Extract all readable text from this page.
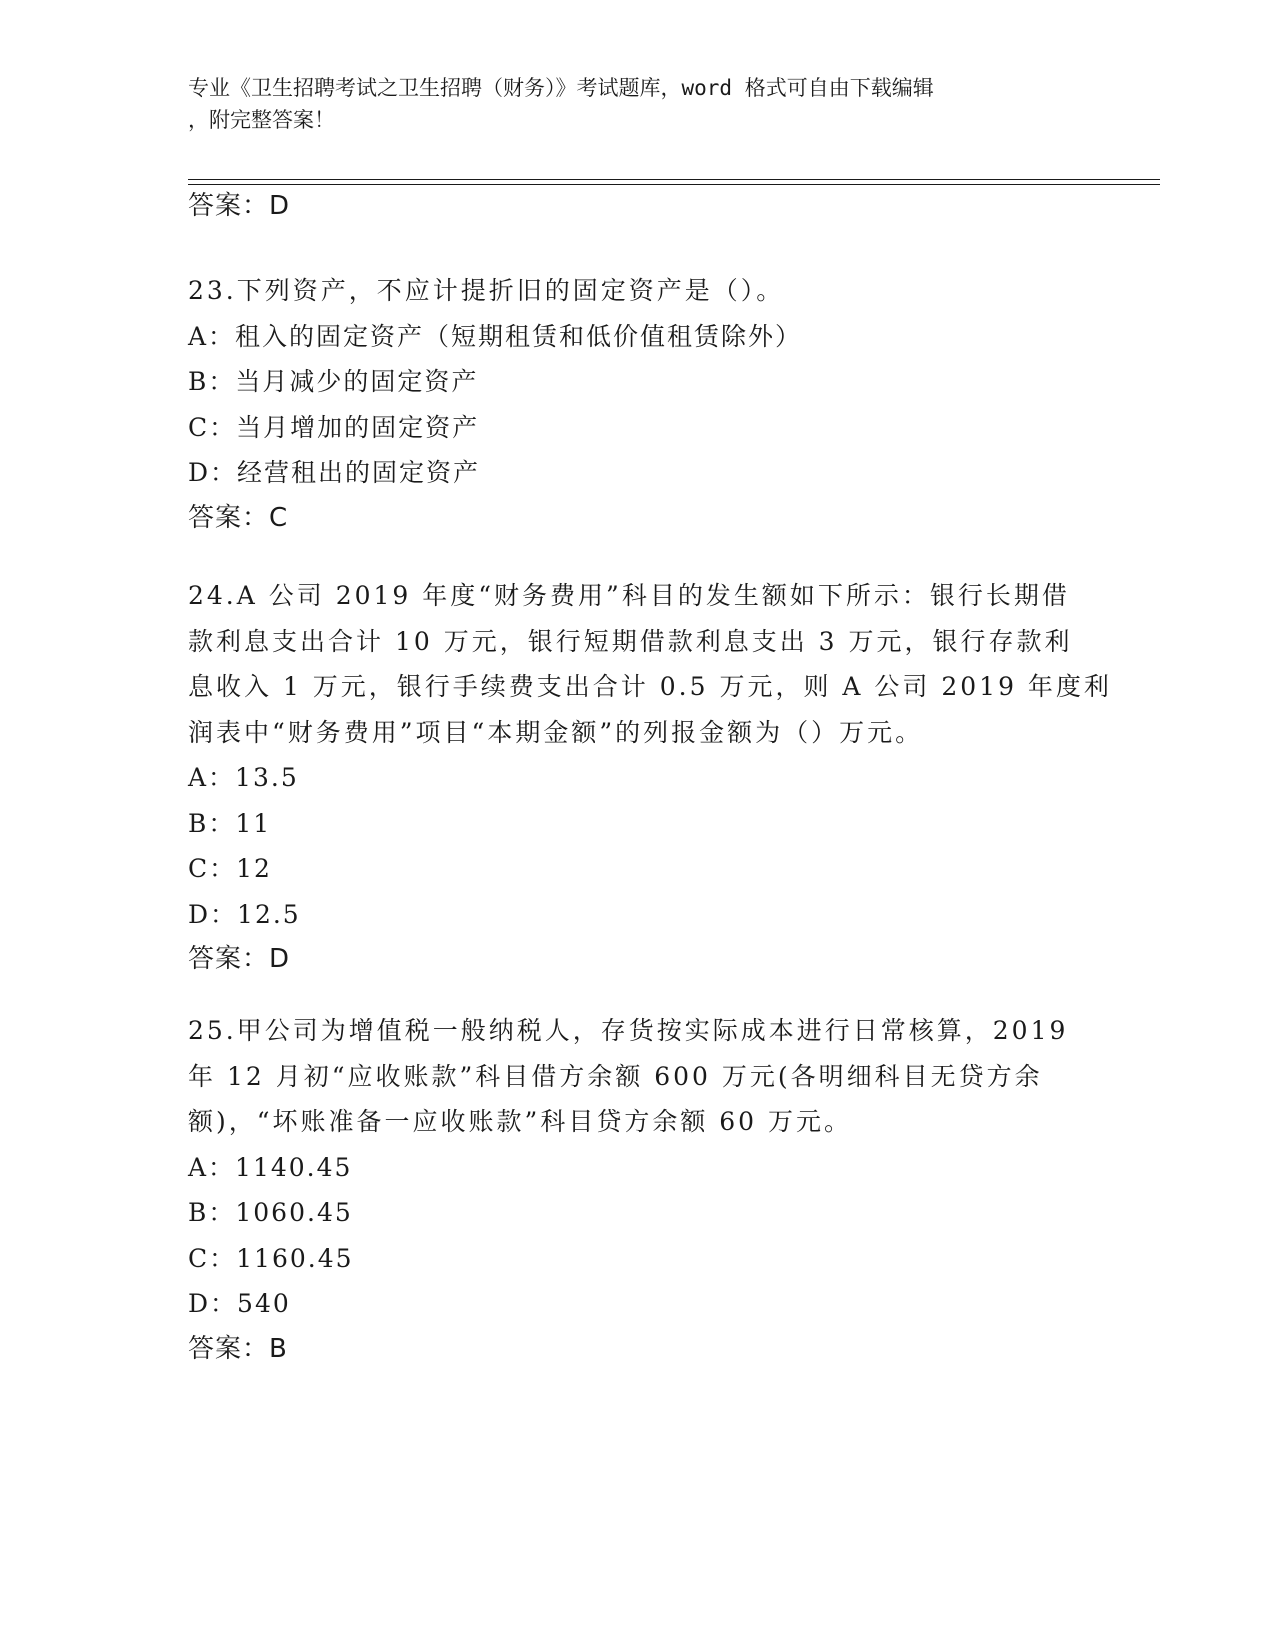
专业《卫生招聘考试之卫生招聘（财务）》考试题库，word 格式可自由下载编辑
，附完整答案！
答案：D
23.下列资产，不应计提折旧的固定资产是（）。
A：租入的固定资产（短期租赁和低价值租赁除外）
B：当月减少的固定资产
C：当月增加的固定资产
D：经营租出的固定资产
答案：C
24.A 公司 2019 年度“财务费用”科目的发生额如下所示：银行长期借
款利息支出合计 10 万元，银行短期借款利息支出 3 万元，银行存款利
息收入 1 万元，银行手续费支出合计 0.5 万元，则 A 公司 2019 年度利
润表中“财务费用”项目“本期金额”的列报金额为（）万元。
A：13.5
B：11
C：12
D：12.5
答案：D
25.甲公司为增值税一般纳税人，存货按实际成本进行日常核算，2019
年 12 月初“应收账款”科目借方余额 600 万元(各明细科目无贷方余
额)，“坏账准备一应收账款”科目贷方余额 60 万元。
A：1140.45
B：1060.45
C：1160.45
D：540
答案：B
